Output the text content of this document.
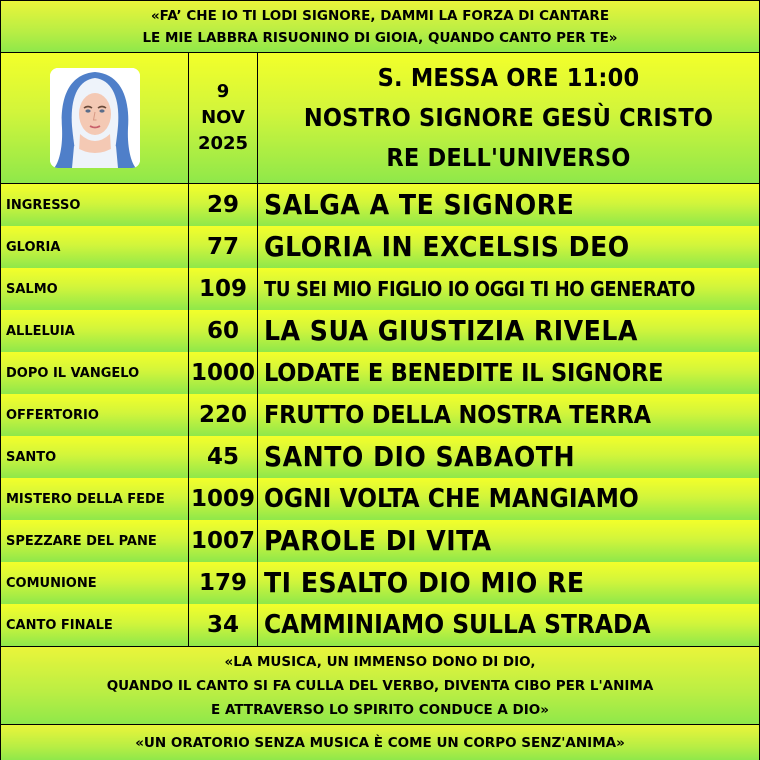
«FA’ CHE IO TI LODI SIGNORE, DAMMI LA FORZA DI CANTARE
LE MIE LABBRA RISUONINO DI GIOIA, QUANDO CANTO PER TE»
9
NOV
2025
S. MESSA ORE 11:00
NOSTRO SIGNORE GESÙ CRISTO
RE DELL'UNIVERSO
INGRESSO	29 SALGA A TE SIGNORE
GLORIA	77 GLORIA IN EXCELSIS DEO
SALMO	109 TU SEI MIO FIGLIO IO OGGI TI HO GENERATO
ALLELUIA	60 LA SUA GIUSTIZIA RIVELA
DOPO IL VANGELO	1000 LODATE E BENEDITE IL SIGNORE
OFFERTORIO	220 FRUTTO DELLA NOSTRA TERRA
SANTO	45 SANTO DIO SABAOTH
MISTERO DELLA FEDE	1009 OGNI VOLTA CHE MANGIAMO
SPEZZARE DEL PANE	1007 PAROLE DI VITA
COMUNIONE	179 TI ESALTO DIO MIO RE
CANTO FINALE	34 CAMMINIAMO SULLA STRADA
«LA MUSICA, UN IMMENSO DONO DI DIO,
QUANDO IL CANTO SI FA CULLA DEL VERBO, DIVENTA CIBO PER L'ANIMA
E ATTRAVERSO LO SPIRITO CONDUCE A DIO»
«UN ORATORIO SENZA MUSICA È COME UN CORPO SENZ'ANIMA»
